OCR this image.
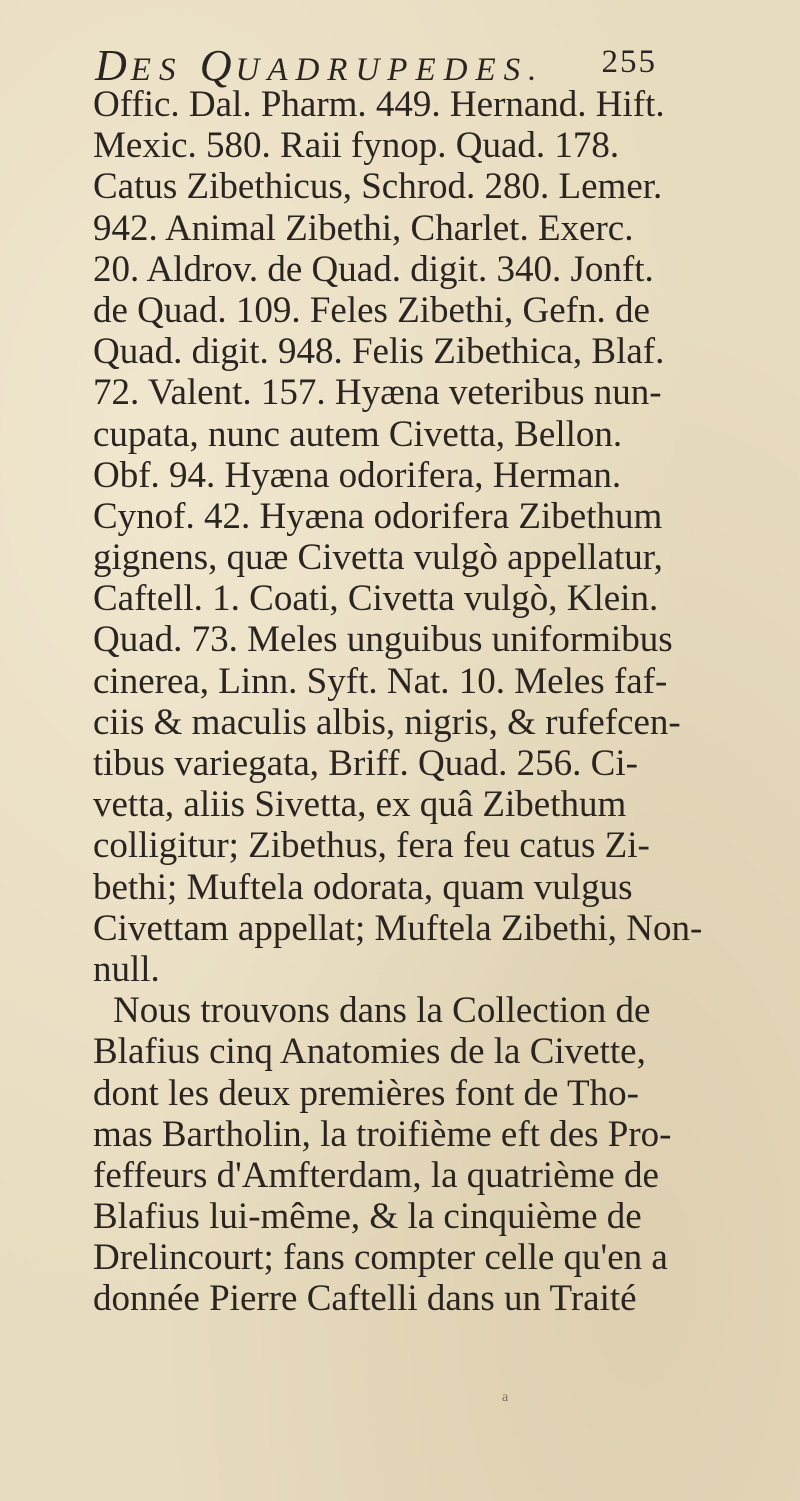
DES QUADRUPEDES. 255
Offic. Dal. Pharm. 449. Hernand. Hift.
Mexic. 580. Raii fynop. Quad. 178.
Catus Zibethicus, Schrod. 280. Lemer.
942. Animal Zibethi, Charlet. Exerc.
20. Aldrov. de Quad. digit. 340. Jonft.
de Quad. 109. Feles Zibethi, Gefn. de
Quad. digit. 948. Felis Zibethica, Blaf.
72. Valent. 157. Hyæna veteribus nun-
cupata, nunc autem Civetta, Bellon.
Obf. 94. Hyæna odorifera, Herman.
Cynof. 42. Hyæna odorifera Zibethum
gignens, quæ Civetta vulgò appellatur,
Caftell. 1. Coati, Civetta vulgò, Klein.
Quad. 73. Meles unguibus uniformibus
cinerea, Linn. Syft. Nat. 10. Meles faf-
ciis & maculis albis, nigris, & rufefcen-
tibus variegata, Briff. Quad. 256. Ci-
vetta, aliis Sivetta, ex quâ Zibethum
colligitur; Zibethus, fera feu catus Zi-
bethi; Muftela odorata, quam vulgus
Civettam appellat; Muftela Zibethi, Non-
null.
Nous trouvons dans la Collection de
Blafius cinq Anatomies de la Civette,
dont les deux premières font de Tho-
mas Bartholin, la troifième eft des Pro-
feffeurs d'Amfterdam, la quatrième de
Blafius lui-même, & la cinquième de
Drelincourt; fans compter celle qu'en a
donnée Pierre Caftelli dans un Traité
a
